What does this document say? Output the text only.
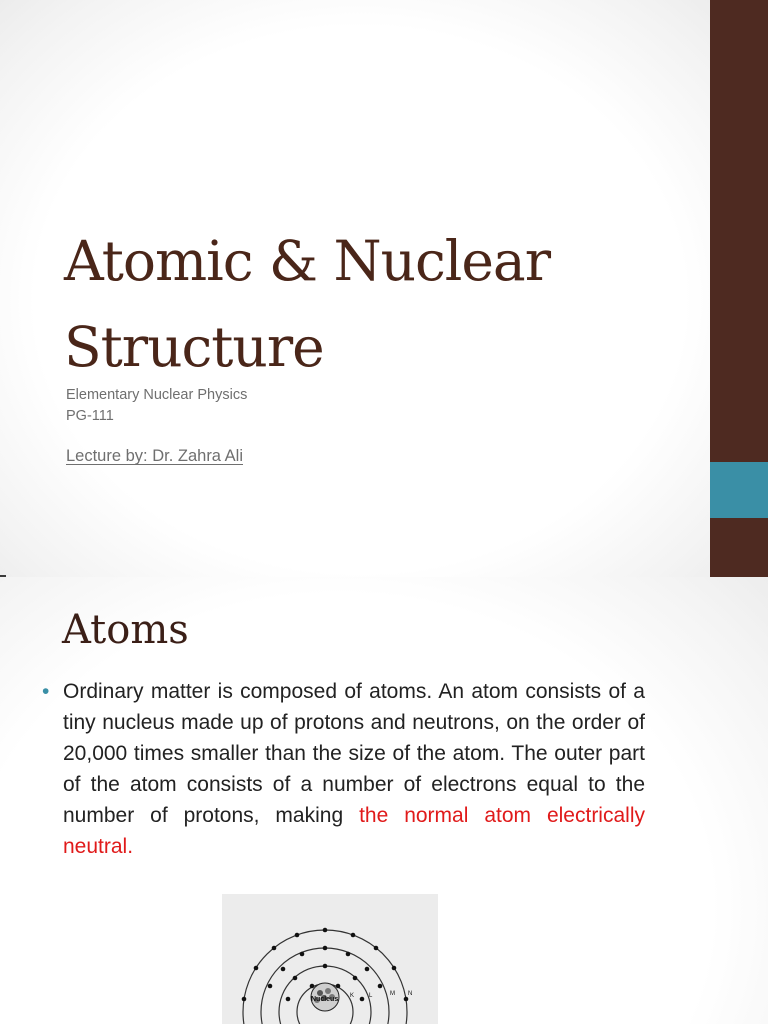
Atomic & Nuclear
Structure
Elementary Nuclear Physics
PG-111
Lecture by: Dr. Zahra Ali
Atoms
• Ordinary matter is composed of atoms. An atom consists of a tiny nucleus made up of protons and neutrons, on the order of 20,000 times smaller than the size of the atom. The outer part of the atom consists of a number of electrons equal to the number of protons, making the normal atom electrically neutral.
Nucleus K L	M N
